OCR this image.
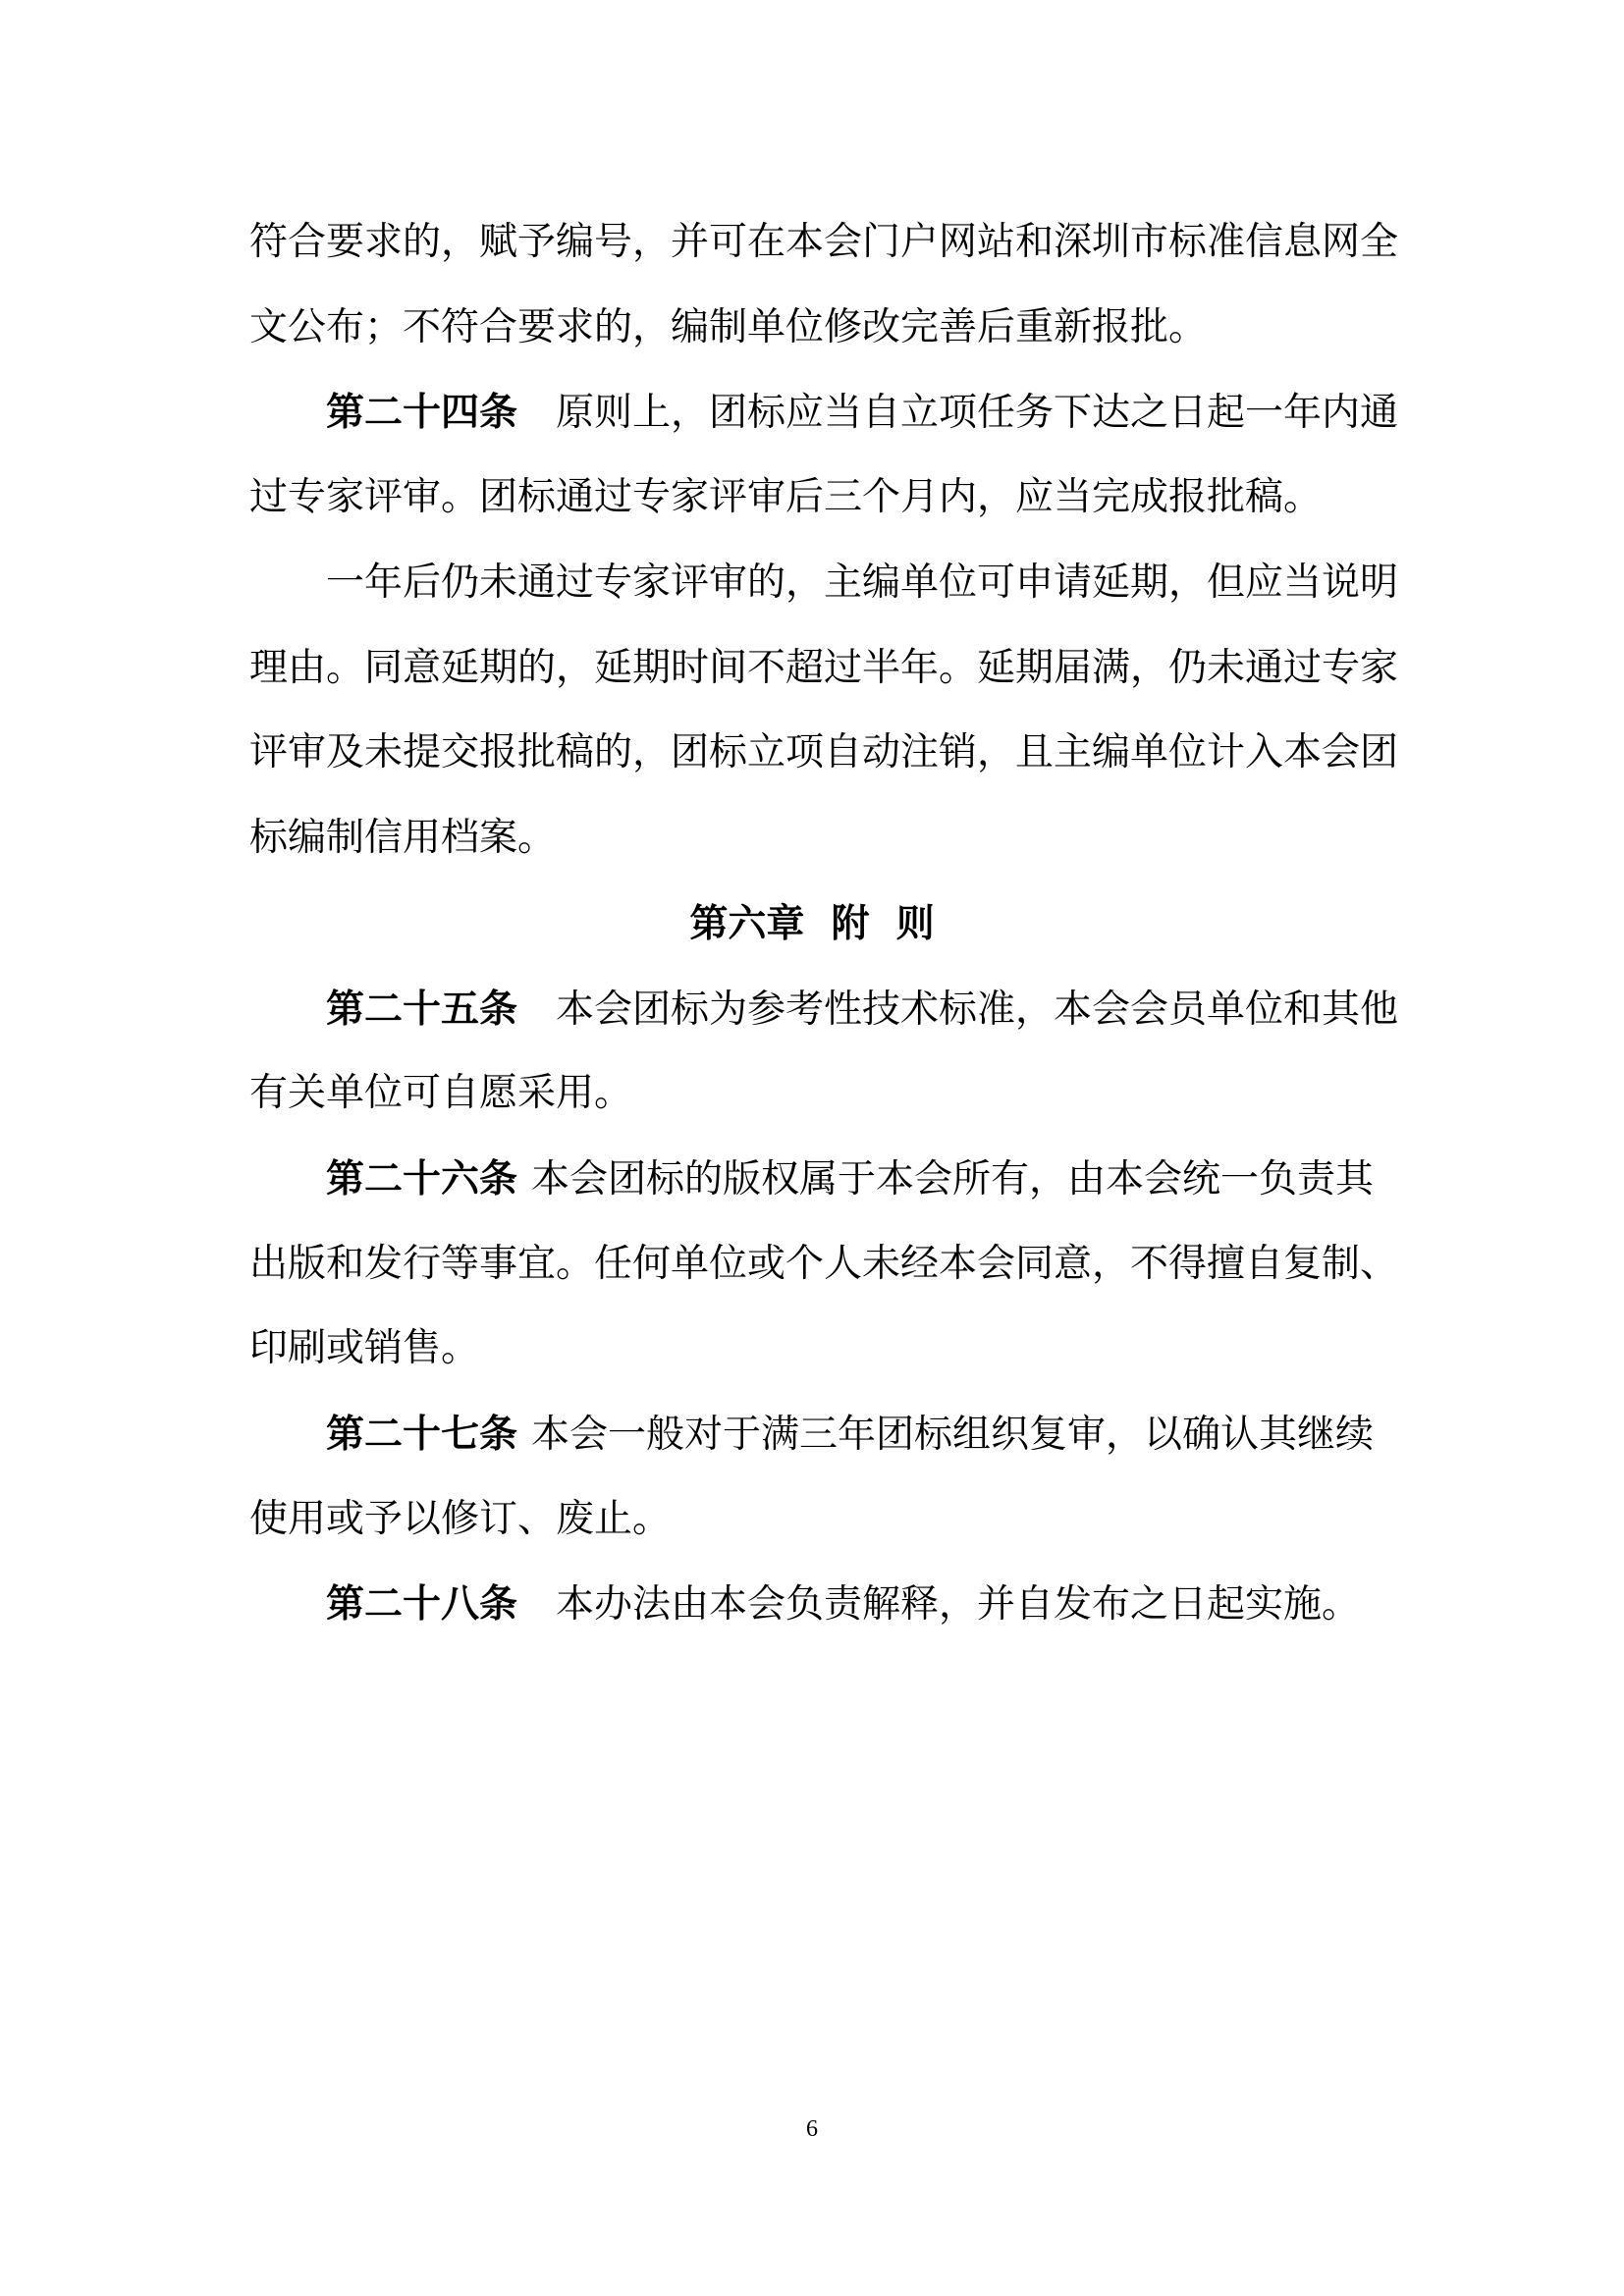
符合要求的，赋予编号，并可在本会门户网站和深圳市标准信息网全
文公布；不符合要求的，编制单位修改完善后重新报批。
第二十四条 原则上，团标应当自立项任务下达之日起一年内通
过专家评审。团标通过专家评审后三个月内，应当完成报批稿。
一年后仍未通过专家评审的，主编单位可申请延期，但应当说明
理由。同意延期的，延期时间不超过半年。延期届满，仍未通过专家
评审及未提交报批稿的，团标立项自动注销，且主编单位计入本会团
标编制信用档案。
第六章  附  则
第二十五条 本会团标为参考性技术标准，本会会员单位和其他
有关单位可自愿采用。
第二十六条 本会团标的版权属于本会所有，由本会统一负责其
出版和发行等事宜。任何单位或个人未经本会同意，不得擅自复制、
印刷或销售。
第二十七条 本会一般对于满三年团标组织复审，以确认其继续
使用或予以修订、废止。
第二十八条 本办法由本会负责解释，并自发布之日起实施。
6
